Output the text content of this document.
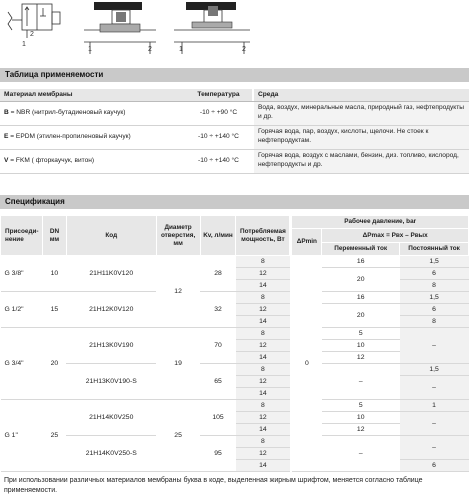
2
1
1	2	1	2
Таблица применяемости
Материал мембраны	Температура		Среда
B = NBR (нитрил-бутадиеновый каучук)	-10 ÷ +90 °C		Вода, воздух, минеральные масла, природный газ, нефтепродукты и др.
E = EPDM (этилен-пропиленовый каучук)	-10 ÷ +140 °C		Горячая вода, пар, воздух, кислоты, щелочи. Не стоек к нефтепродуктам.
V = FKM ( фторкаучук, витон)	-10 ÷ +140 °C		Горячая вода, воздух с маслами, бензин, диз. топливо, кислород, нефтепродукты и др.
Спецификация
Присоеди-нение	DN мм	Код	Диаметр отверстия, мм	Kv, л/мин	Потребляемая мощность, Вт		Рабочее давление, bar		
							ΔPmin	ΔPmax = Pвх – Pвых	
								Переменный ток	Постоянный ток
G 3/8"	10	21H11K0V120	12	28	8		0	16	1,5
					12			20	6
					14				8
G 1/2"	15	21H12K0V120		32	8			16	1,5
					12			20	6
					14				8
G 3/4"	20	21H13K0V190	19	70	8			5	–
					12			10	
					14			12	
		21H13K0V190-S		65	8			–	1,5
					12				–
					14				
G 1"	25	21H14K0V250	25	105	8			5	1
					12			10	–
					14			12	
		21H14K0V250-S		95	8			–	–
					12				
					14				6
При использовании различных материалов мембраны буква в коде, выделенная жирным шрифтом, меняется согласно таблице применяемости.
